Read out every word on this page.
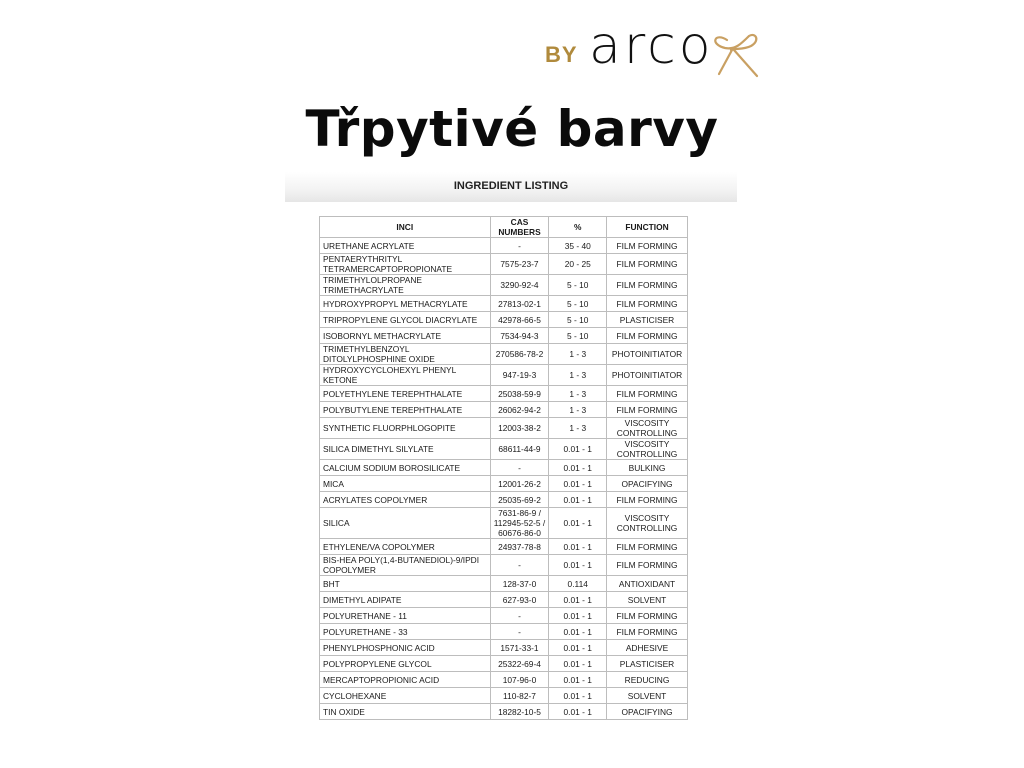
BY arco
Třpytivé barvy
INGREDIENT LISTING
INCI	CAS NUMBERS	%	FUNCTION
URETHANE ACRYLATE	-	35 - 40	FILM FORMING
PENTAERYTHRITYL TETRAMERCAPTOPROPIONATE	7575-23-7	20 - 25	FILM FORMING
TRIMETHYLOLPROPANE TRIMETHACRYLATE	3290-92-4	5 - 10	FILM FORMING
HYDROXYPROPYL METHACRYLATE	27813-02-1	5 - 10	FILM FORMING
TRIPROPYLENE GLYCOL DIACRYLATE	42978-66-5	5 - 10	PLASTICISER
ISOBORNYL METHACRYLATE	7534-94-3	5 - 10	FILM FORMING
TRIMETHYLBENZOYL DITOLYLPHOSPHINE OXIDE	270586-78-2	1 - 3	PHOTOINITIATOR
HYDROXYCYCLOHEXYL PHENYL KETONE	947-19-3	1 - 3	PHOTOINITIATOR
POLYETHYLENE TEREPHTHALATE	25038-59-9	1 - 3	FILM FORMING
POLYBUTYLENE TEREPHTHALATE	26062-94-2	1 - 3	FILM FORMING
SYNTHETIC FLUORPHLOGOPITE	12003-38-2	1 - 3	VISCOSITY CONTROLLING
SILICA DIMETHYL SILYLATE	68611-44-9	0.01 - 1	VISCOSITY CONTROLLING
CALCIUM SODIUM BOROSILICATE	-	0.01 - 1	BULKING
MICA	12001-26-2	0.01 - 1	OPACIFYING
ACRYLATES COPOLYMER	25035-69-2	0.01 - 1	FILM FORMING
SILICA	7631-86-9 / 112945-52-5 / 60676-86-0	0.01 - 1	VISCOSITY CONTROLLING
ETHYLENE/VA COPOLYMER	24937-78-8	0.01 - 1	FILM FORMING
BIS-HEA POLY(1,4-BUTANEDIOL)-9/IPDI COPOLYMER	-	0.01 - 1	FILM FORMING
BHT	128-37-0	0.114	ANTIOXIDANT
DIMETHYL ADIPATE	627-93-0	0.01 - 1	SOLVENT
POLYURETHANE - 11	-	0.01 - 1	FILM FORMING
POLYURETHANE - 33	-	0.01 - 1	FILM FORMING
PHENYLPHOSPHONIC ACID	1571-33-1	0.01 - 1	ADHESIVE
POLYPROPYLENE GLYCOL	25322-69-4	0.01 - 1	PLASTICISER
MERCAPTOPROPIONIC ACID	107-96-0	0.01 - 1	REDUCING
CYCLOHEXANE	110-82-7	0.01 - 1	SOLVENT
TIN OXIDE	18282-10-5	0.01 - 1	OPACIFYING
